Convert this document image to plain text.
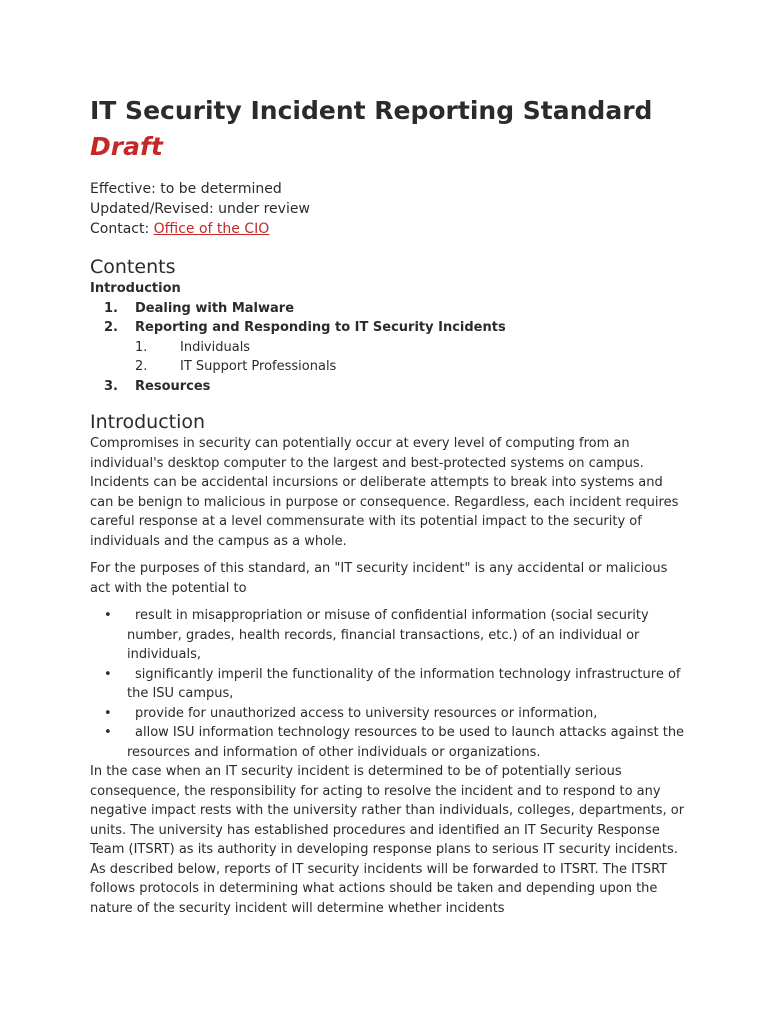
IT Security Incident Reporting Standard Draft
Effective: to be determined
Updated/Revised: under review
Contact: Office of the CIO
Contents
Introduction
1. Dealing with Malware
2. Reporting and Responding to IT Security Incidents
1.	Individuals
2.	IT Support Professionals
3. Resources
Introduction

Compromises in security can potentially occur at every level of computing from an individual's desktop computer to the largest and best-protected systems on campus. Incidents can be accidental incursions or deliberate attempts to break into systems and can be benign to malicious in purpose or consequence. Regardless, each incident requires careful response at a level commensurate with its potential impact to the security of individuals and the campus as a whole.

For the purposes of this standard, an "IT security incident" is any accidental or malicious act with the potential to

• result in misappropriation or misuse of confidential information (social security number, grades, health records, financial transactions, etc.) of an individual or individuals,
• significantly imperil the functionality of the information technology infrastructure of the ISU campus,
• provide for unauthorized access to university resources or information,
• allow ISU information technology resources to be used to launch attacks against the resources and information of other individuals or organizations.

In the case when an IT security incident is determined to be of potentially serious consequence, the responsibility for acting to resolve the incident and to respond to any negative impact rests with the university rather than individuals, colleges, departments, or units. The university has established procedures and identified an IT Security Response Team (ITSRT) as its authority in developing response plans to serious IT security incidents. As described below, reports of IT security incidents will be forwarded to ITSRT. The ITSRT follows protocols in determining what actions should be taken and depending upon the nature of the security incident will determine whether incidents
